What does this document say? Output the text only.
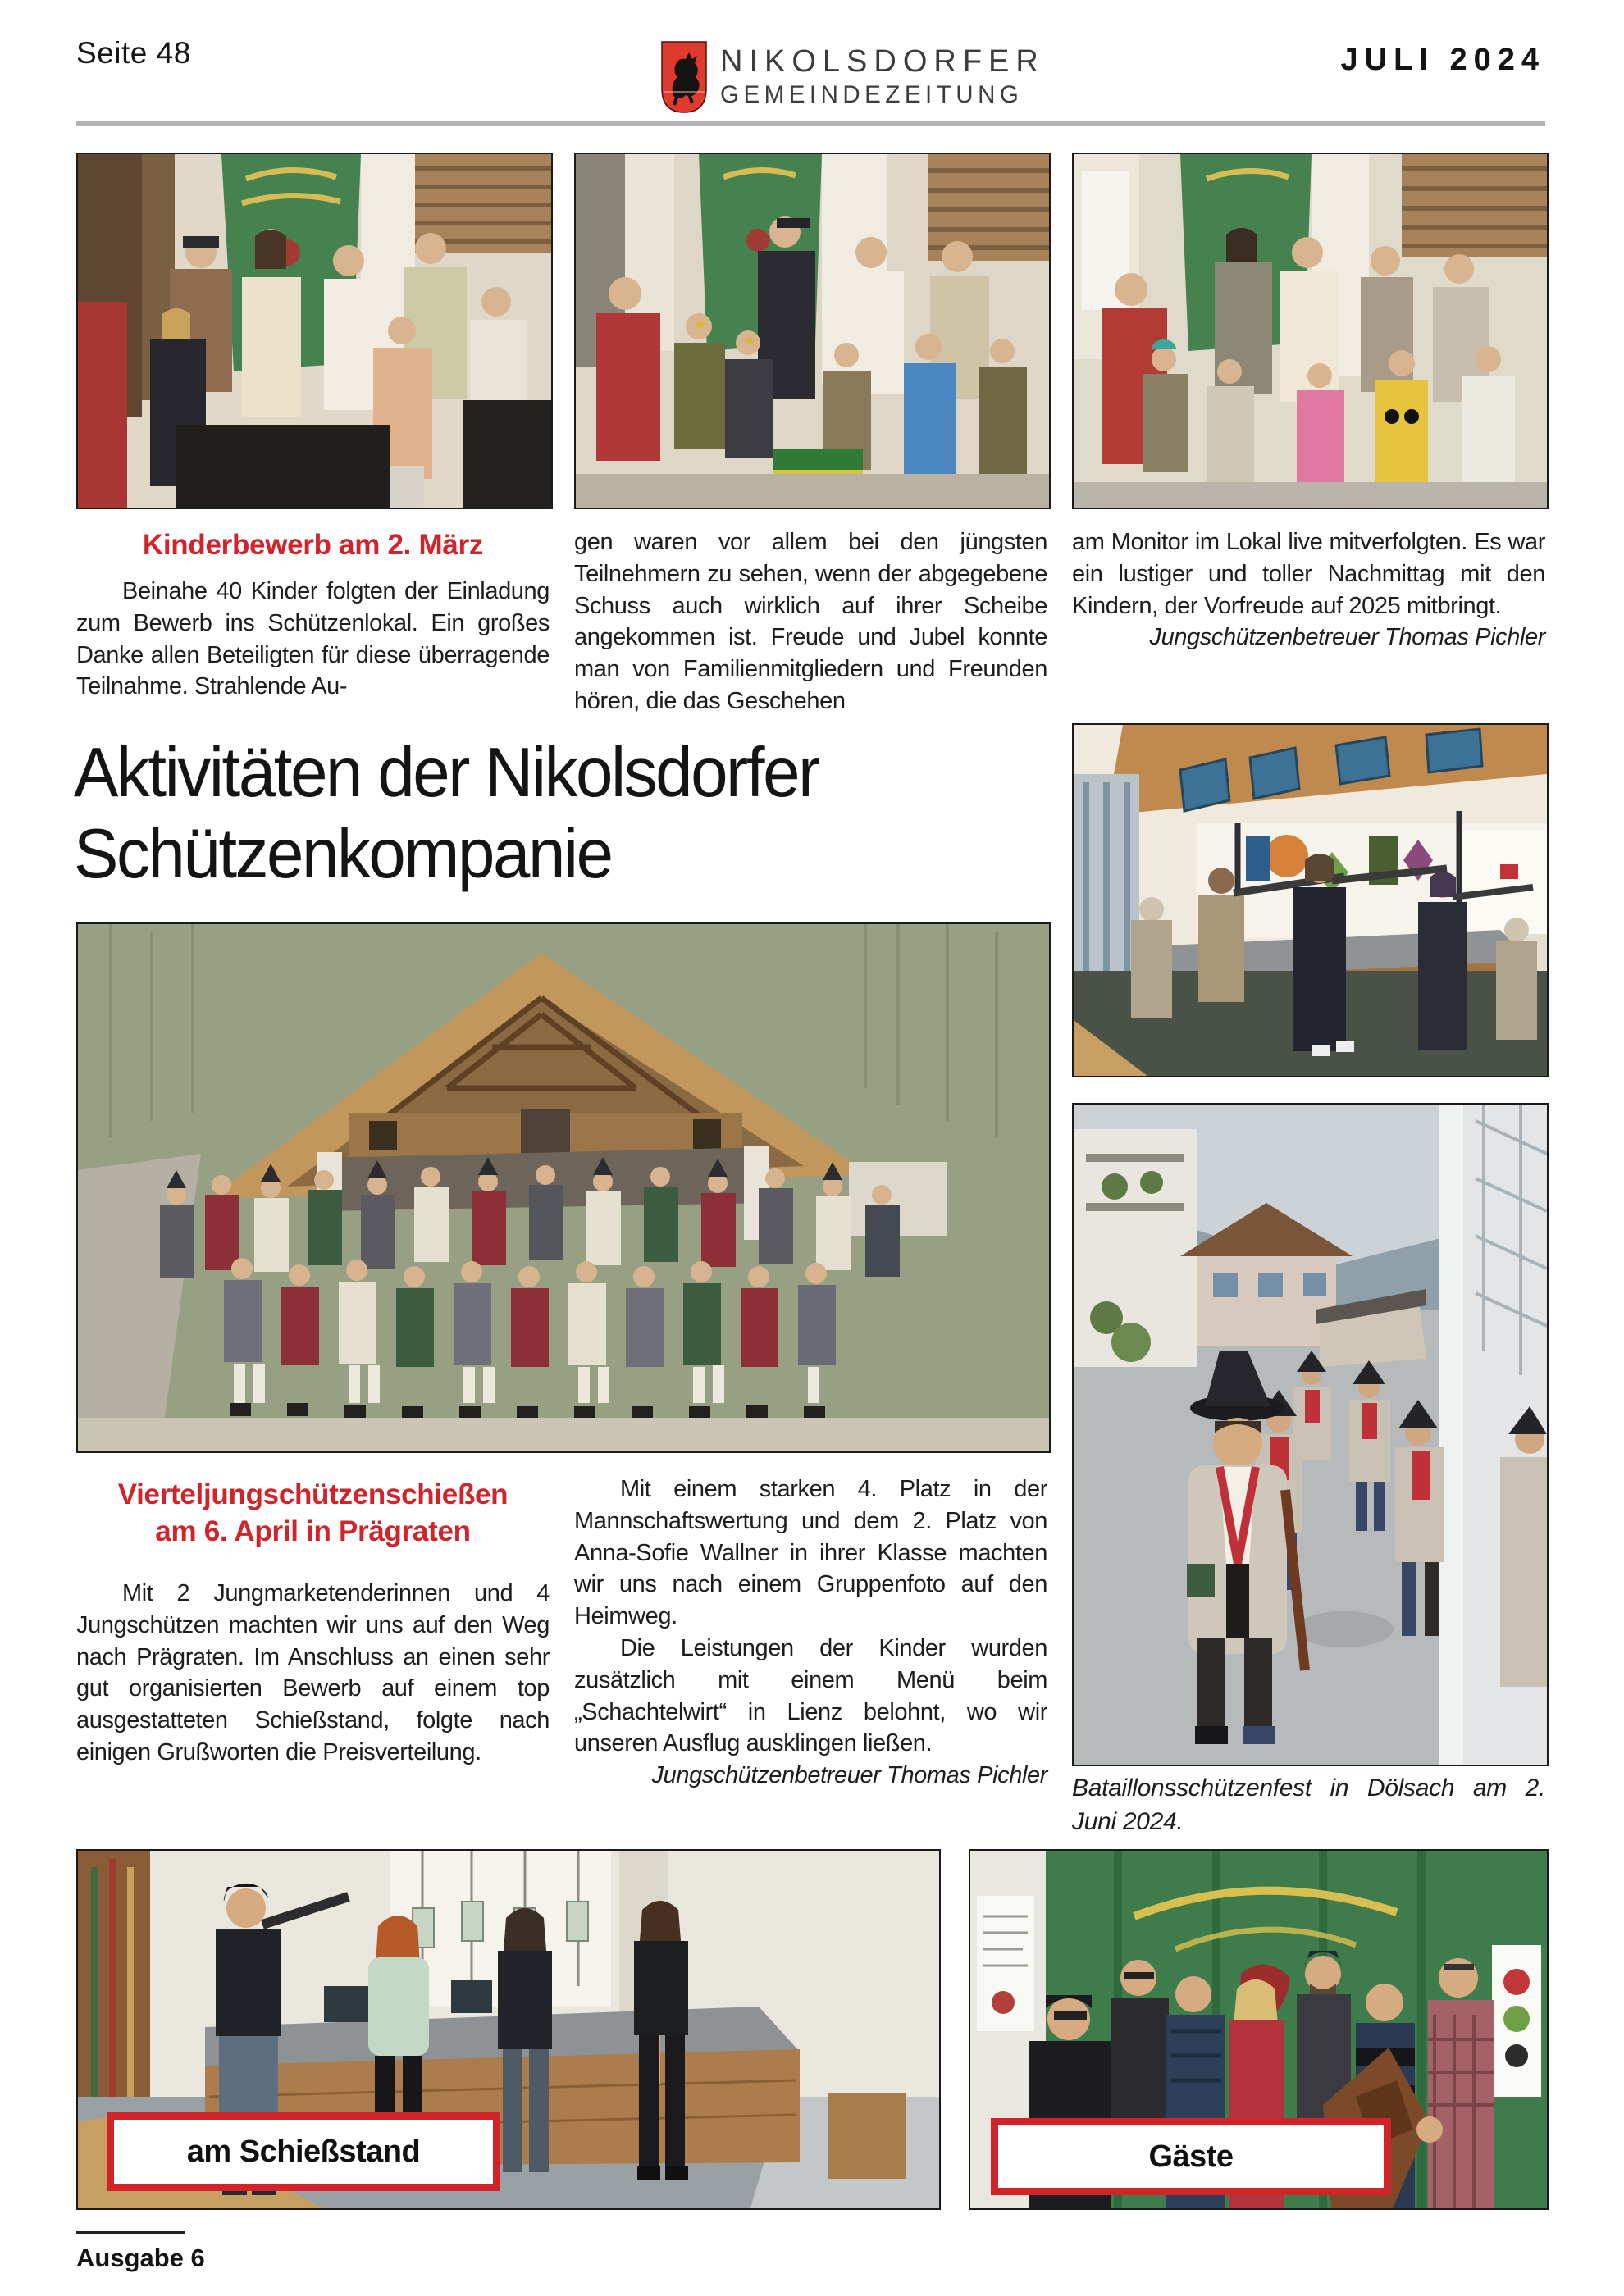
Seite 48	NIKOLSDORFER
GEMEINDEZEITUNG
JULI 2024
Kinderbewerb am 2. März

Beinahe 40 Kinder folgten der Einladung zum Bewerb ins Schützenlokal. Ein großes Danke allen Beteiligten für diese überragende Teilnahme. Strahlende Au-

gen waren vor allem bei den jüngsten Teilnehmern zu sehen, wenn der abgegebene Schuss auch wirklich auf ihrer Scheibe angekommen ist. Freude und Jubel konnte man von Familienmitgliedern und Freunden hören, die das Geschehen

am Monitor im Lokal live mitverfolgten. Es war ein lustiger und toller Nachmittag mit den Kindern, der Vorfreude auf 2025 mitbringt.

Jungschützenbetreuer Thomas Pichler

Aktivitäten der Nikolsdorfer
Schützenkompanie
Bataillonsschützenfest in Dölsach am 2. Juni 2024.
Vierteljungschützenschießen
am 6. April in Prägraten

Mit 2 Jungmarketenderinnen und 4 Jungschützen machten wir uns auf den Weg nach Prägraten. Im Anschluss an einen sehr gut organisierten Bewerb auf einem top ausgestatteten Schießstand, folgte nach einigen Grußworten die Preisverteilung.

Mit einem starken 4. Platz in der Mannschaftswertung und dem 2. Platz von Anna-Sofie Wallner in ihrer Klasse machten wir uns nach einem Gruppenfoto auf den Heimweg.

Die Leistungen der Kinder wurden zusätzlich mit einem Menü beim „Schachtelwirt“ in Lienz belohnt, wo wir unseren Ausflug ausklingen ließen.

Jungschützenbetreuer Thomas Pichler

am Schießstand	Gäste
Ausgabe 6
